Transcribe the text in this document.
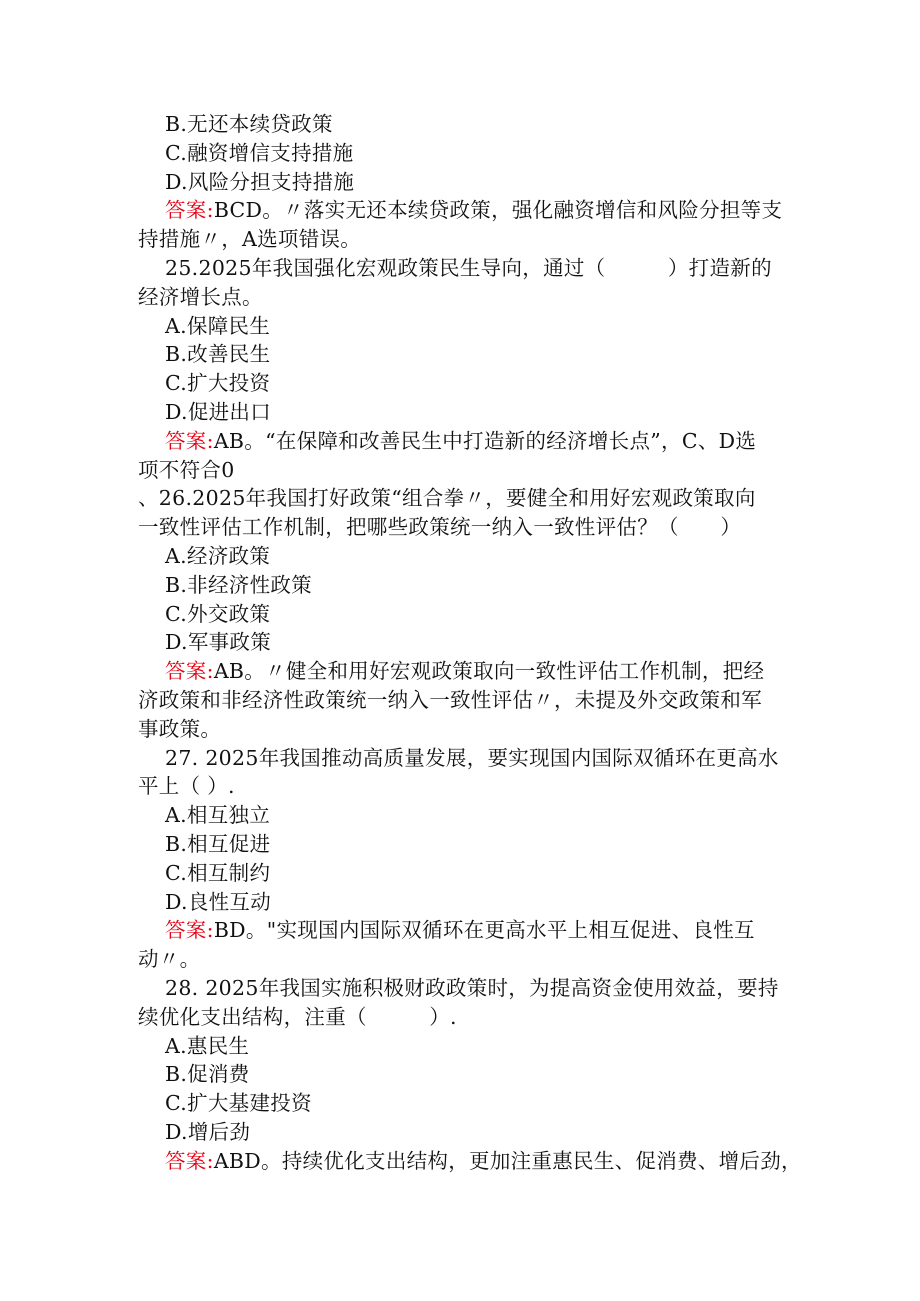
B.无还本续贷政策
C.融资增信支持措施
D.风险分担支持措施
答案:BCD。〃落实无还本续贷政策，强化融资增信和风险分担等支
持措施〃，A选项错误。
25.2025年我国强化宏观政策民生导向，通过（　　　）打造新的
经济增长点。
A.保障民生
B.改善民生
C.扩大投资
D.促进出口
答案:AB。“在保障和改善民生中打造新的经济增长点”，C、D选
项不符合0
、26.2025年我国打好政策“组合拳〃，要健全和用好宏观政策取向
一致性评估工作机制，把哪些政策统一纳入一致性评估？（　　）
A.经济政策
B.非经济性政策
C.外交政策
D.军事政策
答案:AB。〃健全和用好宏观政策取向一致性评估工作机制，把经
济政策和非经济性政策统一纳入一致性评估〃，未提及外交政策和军
事政策。
27. 2025年我国推动高质量发展，要实现国内国际双循环在更高水
平上（ ）.
A.相互独立
B.相互促进
C.相互制约
D.良性互动
答案:BD。"实现国内国际双循环在更高水平上相互促进、良性互
动〃。
28. 2025年我国实施积极财政政策时，为提高资金使用效益，要持
续优化支出结构，注重（　　　）.
A.惠民生
B.促消费
C.扩大基建投资
D.增后劲
答案:ABD。持续优化支出结构，更加注重惠民生、促消费、增后劲，
